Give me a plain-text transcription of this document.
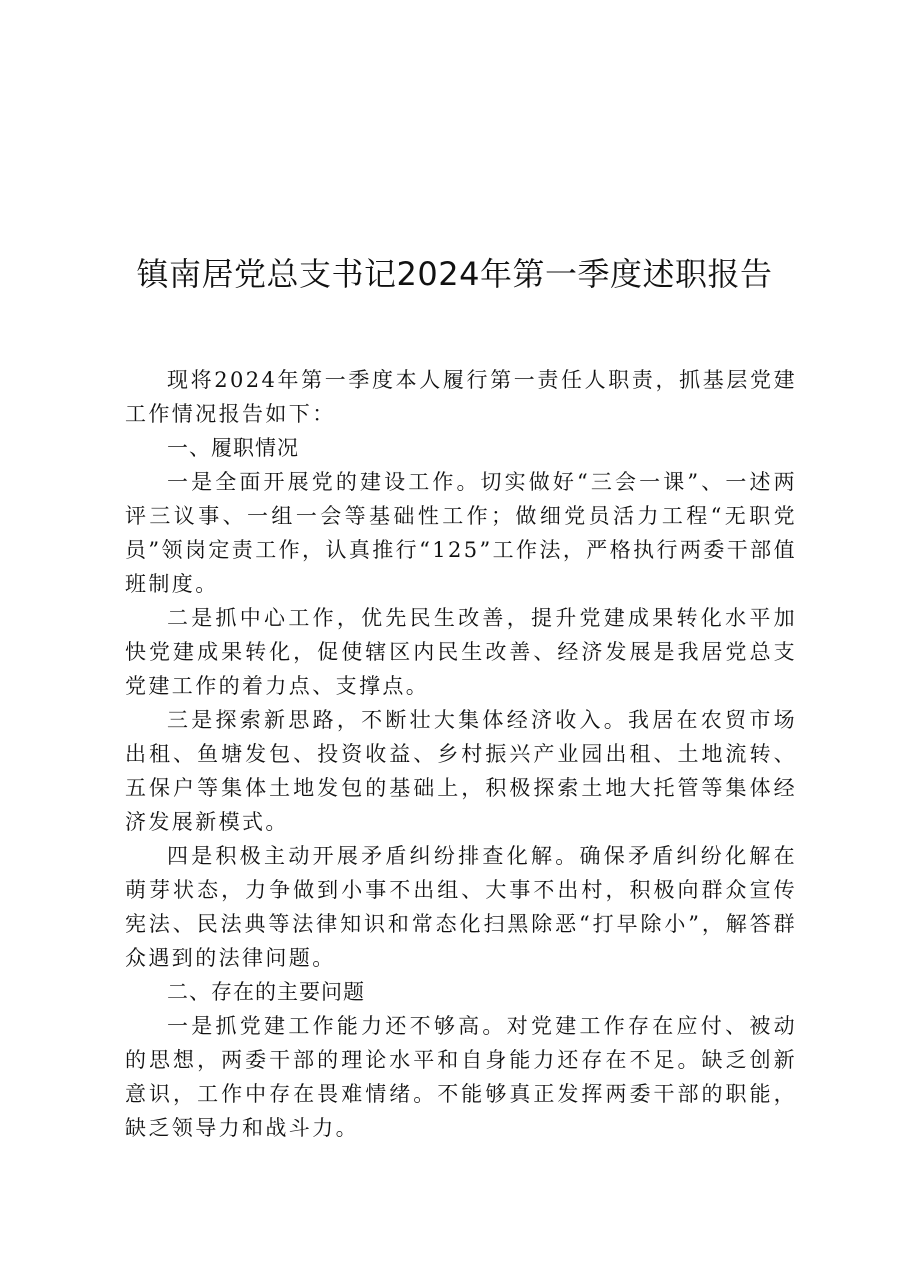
镇南居党总支书记2024年第一季度述职报告

现将2024年第一季度本人履行第一责任人职责，抓基层党建工作情况报告如下：

一、履职情况

一是全面开展党的建设工作。切实做好“三会一课”、一述两评三议事、一组一会等基础性工作；做细党员活力工程“无职党员”领岗定责工作，认真推行“125”工作法，严格执行两委干部值班制度。

二是抓中心工作，优先民生改善，提升党建成果转化水平加快党建成果转化，促使辖区内民生改善、经济发展是我居党总支党建工作的着力点、支撑点。

三是探索新思路，不断壮大集体经济收入。我居在农贸市场出租、鱼塘发包、投资收益、乡村振兴产业园出租、土地流转、五保户等集体土地发包的基础上，积极探索土地大托管等集体经济发展新模式。

四是积极主动开展矛盾纠纷排查化解。确保矛盾纠纷化解在萌芽状态，力争做到小事不出组、大事不出村，积极向群众宣传宪法、民法典等法律知识和常态化扫黑除恶“打早除小”，解答群众遇到的法律问题。

二、存在的主要问题

一是抓党建工作能力还不够高。对党建工作存在应付、被动的思想，两委干部的理论水平和自身能力还存在不足。缺乏创新意识，工作中存在畏难情绪。不能够真正发挥两委干部的职能，缺乏领导力和战斗力。
